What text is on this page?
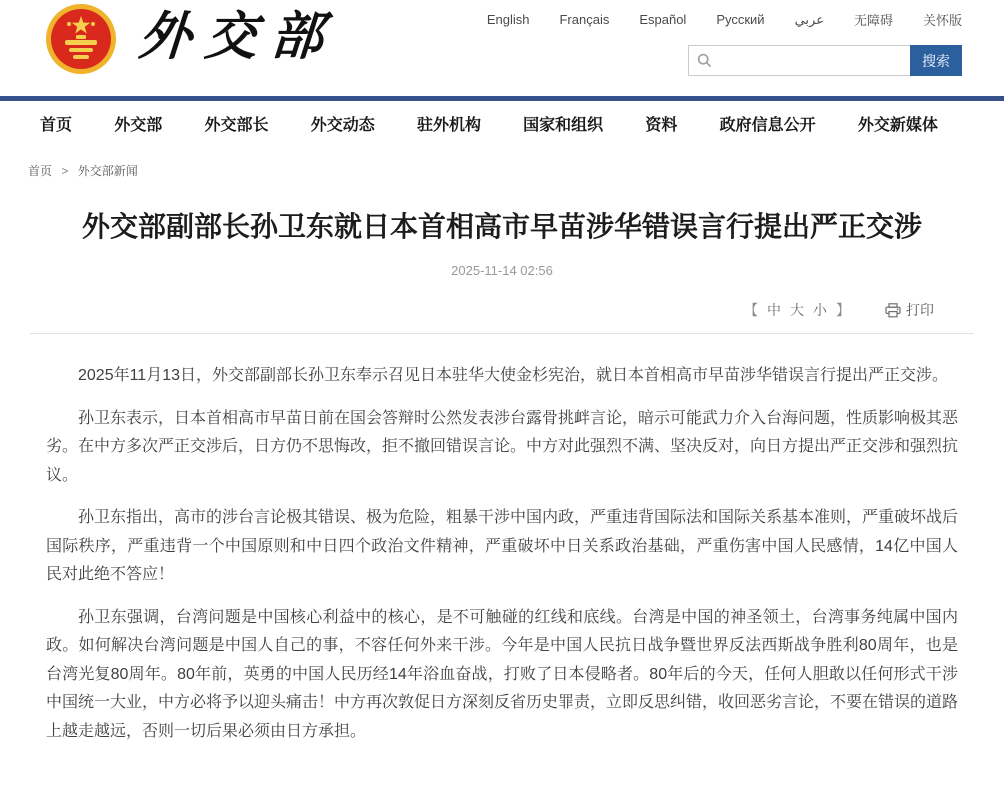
外交部	English Français Español Русский عربي 无障碍 关怀版
搜索
首页	外交部	外交部长	外交动态	驻外机构	国家和组织	资料	政府信息公开	外交新媒体
首页 > 外交部新闻
外交部副部长孙卫东就日本首相高市早苗涉华错误言行提出严正交涉
2025-11-14 02:56
【 中 大 小 】	打印

2025年11月13日，外交部副部长孙卫东奉示召见日本驻华大使金杉宪治，就日本首相高市早苗涉华错误言行提出严正交涉。

孙卫东表示，日本首相高市早苗日前在国会答辩时公然发表涉台露骨挑衅言论，暗示可能武力介入台海问题，性质影响极其恶劣。在中方多次严正交涉后，日方仍不思悔改，拒不撤回错误言论。中方对此强烈不满、坚决反对，向日方提出严正交涉和强烈抗议。

孙卫东指出，高市的涉台言论极其错误、极为危险，粗暴干涉中国内政，严重违背国际法和国际关系基本准则，严重破坏战后国际秩序，严重违背一个中国原则和中日四个政治文件精神，严重破坏中日关系政治基础，严重伤害中国人民感情，14亿中国人民对此绝不答应！

孙卫东强调，台湾问题是中国核心利益中的核心，是不可触碰的红线和底线。台湾是中国的神圣领土，台湾事务纯属中国内政。如何解决台湾问题是中国人自己的事，不容任何外来干涉。今年是中国人民抗日战争暨世界反法西斯战争胜利80周年，也是台湾光复80周年。80年前，英勇的中国人民历经14年浴血奋战，打败了日本侵略者。80年后的今天，任何人胆敢以任何形式干涉中国统一大业，中方必将予以迎头痛击！中方再次敦促日方深刻反省历史罪责，立即反思纠错，收回恶劣言论，不要在错误的道路上越走越远，否则一切后果必须由日方承担。
